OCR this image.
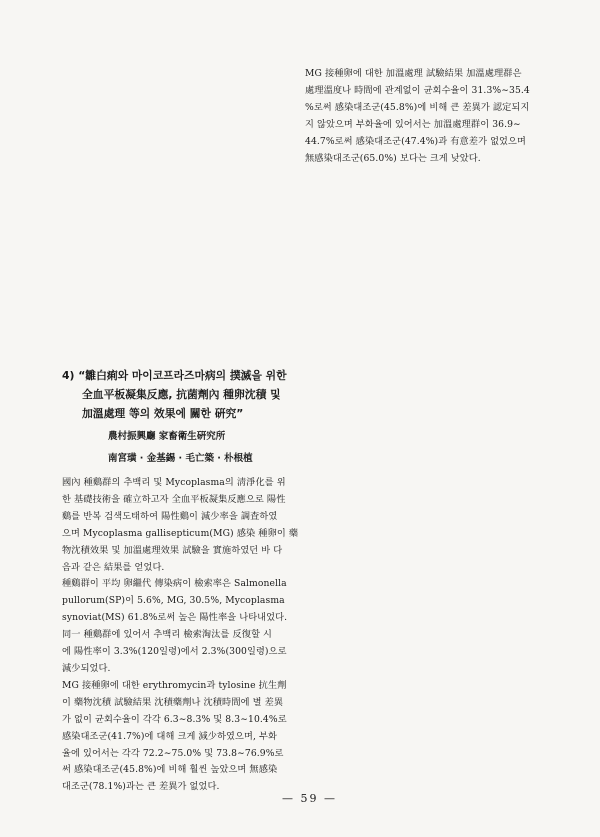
MG 接種卵에 대한 加溫處理 試驗結果 加溫處理群은
處理溫度나 時間에 관계없이 균회수율이 31.3%∼35.4
%로써 感染대조군(45.8%)에 비해 큰 差異가 認定되지
지 않았으며 부화율에 있어서는 加溫處理群이 36.9∼
44.7%로써 感染대조군(47.4%)과 有意差가 없었으며
無感染대조군(65.0%) 보다는 크게 낮았다.
4) “雛白痢와 마이코프라즈마病의 撲滅을 위한
全血平板凝集反應, 抗菌劑內 種卵沈積 및
加溫處理 等의 效果에 關한 硏究”
農村振興廳 家畜衛生硏究所
南宮璜 · 金基錫 · 毛亡築 · 朴根植
國內 種鷄群의 추백리 및 Mycoplasma의 淸淨化를 위
한 基礎技術을 確立하고자 全血平板凝集反應으로 陽性
鷄를 반복 검색도태하여 陽性鷄이 減少率을 調査하였
으며 Mycoplasma gallisepticum(MG) 感染 種卵이 藥
物沈積效果 및 加溫處理效果 試驗을 實施하였던 바 다
음과 같은 結果를 얻었다.
種鷄群이 平均 卵繼代 傳染病이 檢索率은 Salmonella
pullorum(SP)이 5.6%, MG, 30.5%, Mycoplasma
synoviat(MS) 61.8%로써 높은 陽性率을 나타내었다.
同一 種鷄群에 있어서 추백리 檢索淘汰를 反復할 시
에 陽性率이 3.3%(120일령)에서 2.3%(300일령)으로
減少되었다.
MG 接種卵에 대한 erythromycin과 tylosine 抗生劑
이 藥物沈積 試驗結果 沈積藥劑나 沈積時間에 별 差異
가 없이 균회수율이 각각 6.3∼8.3% 및 8.3∼10.4%로
感染대조군(41.7%)에 대해 크게 減少하였으며, 부화
율에 있어서는 각각 72.2∼75.0% 및 73.8∼76.9%로
써 感染대조군(45.8%)에 비해 훨씬 높았으며 無感染
대조군(78.1%)과는 큰 差異가 없었다.
— 59 —
